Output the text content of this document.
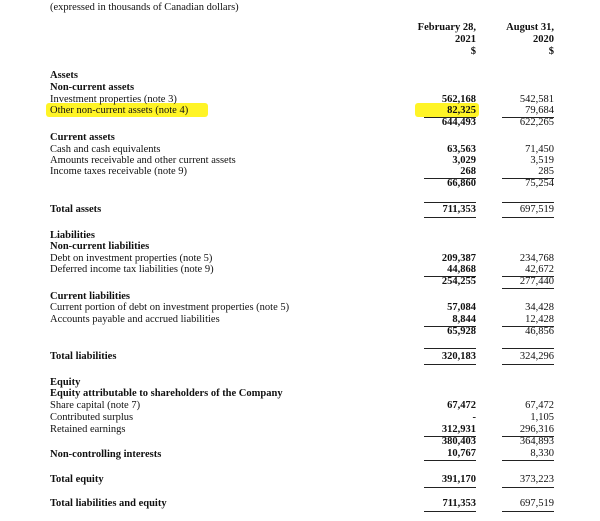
(expressed in thousands of Canadian dollars)
February 28,
2021
$
August 31,
2020
$
Assets
Non-current assets
Investment properties (note 3)	562,168	542,581
Other non-current assets (note 4)	82,325	79,684
644,493	622,265
Current assets
Cash and cash equivalents	63,563	71,450
Amounts receivable and other current assets	3,029	3,519
Income taxes receivable (note 9)	268	285
66,860	75,254
Total assets	711,353	697,519
Liabilities
Non-current liabilities
Debt on investment properties (note 5)	209,387	234,768
Deferred income tax liabilities (note 9)	44,868	42,672
254,255	277,440
Current liabilities
Current portion of debt on investment properties (note 5)	57,084	34,428
Accounts payable and accrued liabilities	8,844	12,428
65,928	46,856
Total liabilities	320,183	324,296
Equity
Equity attributable to shareholders of the Company
Share capital (note 7)	67,472	67,472
Contributed surplus	-	1,105
Retained earnings	312,931	296,316
380,403	364,893
Non-controlling interests	10,767	8,330
Total equity	391,170	373,223
Total liabilities and equity	711,353	697,519
